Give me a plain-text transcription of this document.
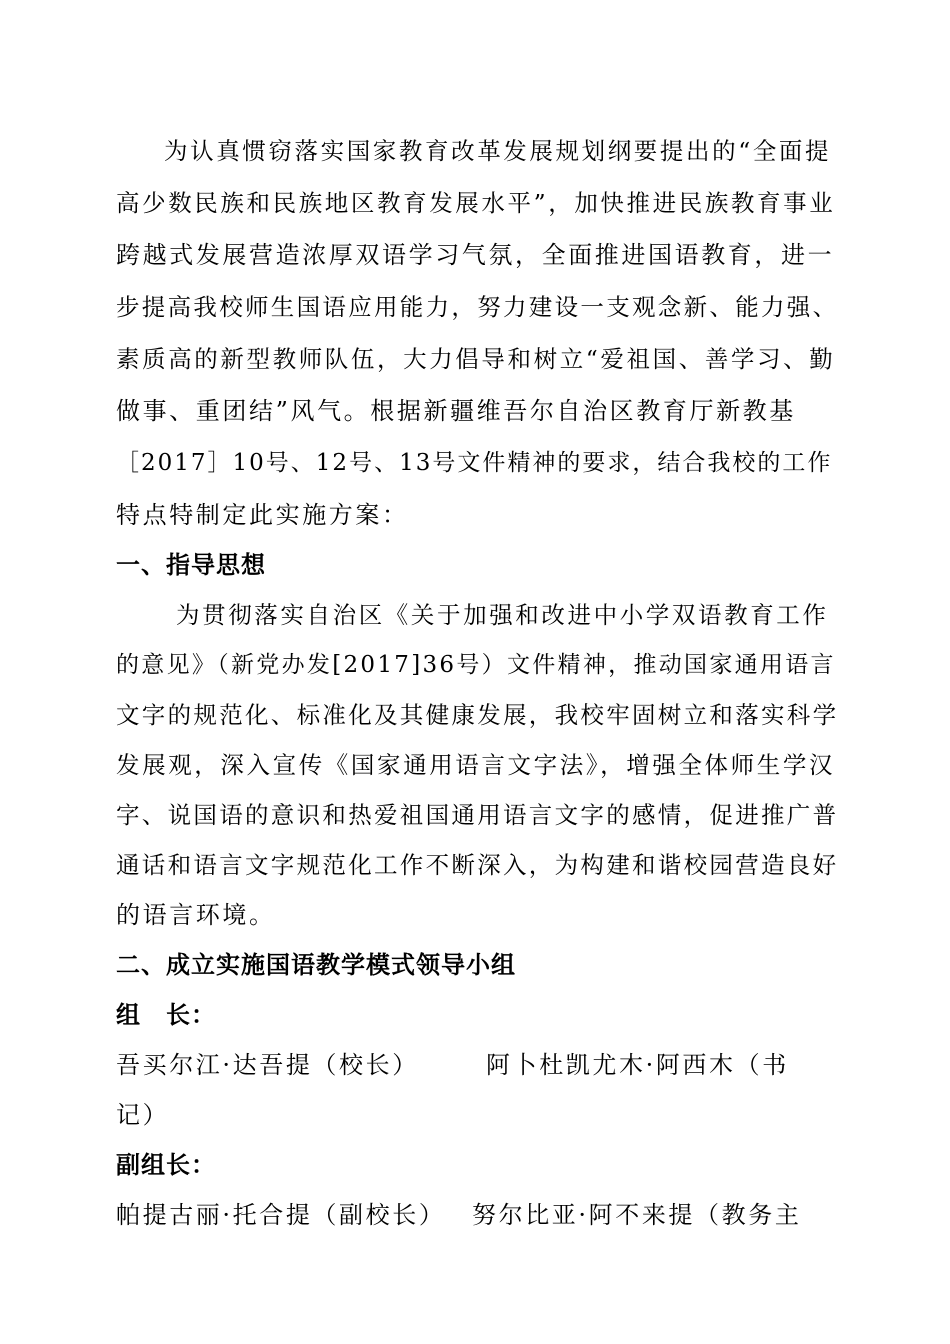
为认真惯窃落实国家教育改革发展规划纲要提出的“全面提
高少数民族和民族地区教育发展水平”，加快推进民族教育事业
跨越式发展营造浓厚双语学习气氛，全面推进国语教育，进一
步提高我校师生国语应用能力，努力建设一支观念新、能力强、
素质高的新型教师队伍，大力倡导和树立“爱祖国、善学习、勤
做事、重团结”风气。根据新疆维吾尔自治区教育厅新教基
［2017］10号、12号、13号文件精神的要求，结合我校的工作
特点特制定此实施方案：
一、指导思想
为贯彻落实自治区《关于加强和改进中小学双语教育工作
的意见》（新党办发[2017]36号）文件精神，推动国家通用语言
文字的规范化、标准化及其健康发展，我校牢固树立和落实科学
发展观，深入宣传《国家通用语言文字法》，增强全体师生学汉
字、说国语的意识和热爱祖国通用语言文字的感情，促进推广普
通话和语言文字规范化工作不断深入，为构建和谐校园营造良好
的语言环境。
二、成立实施国语教学模式领导小组
组　长：
吾买尔江·达吾提（校长）	阿卜杜凯尤木·阿西木（书
记）
副组长：
帕提古丽·托合提（副校长） 努尔比亚·阿不来提（教务主
